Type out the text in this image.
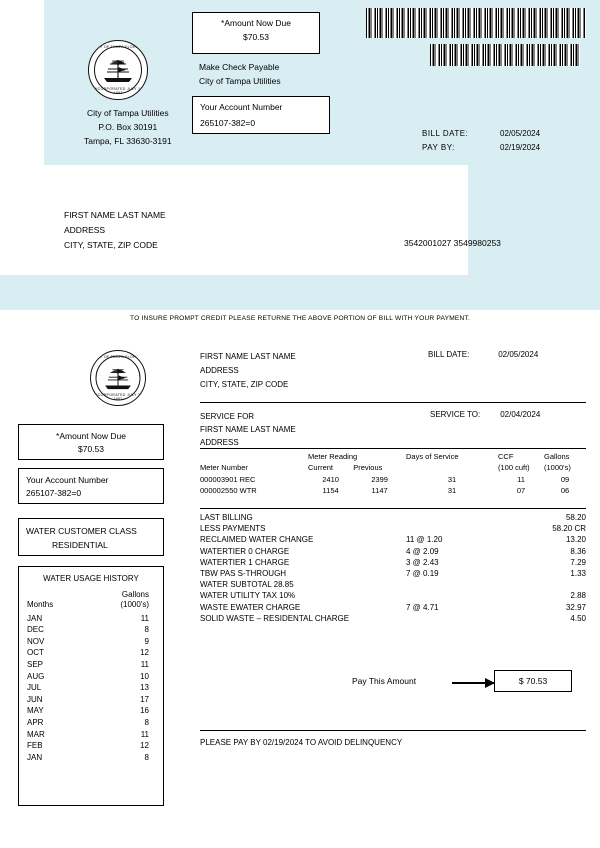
CITY OF TAMPA FLORIDA
INCORPORATED JULY 15 1887
*Amount Now Due
$70.53
Make Check Payable
City of Tampa Utilities
Your Account Number
265107-382=0
City of Tampa Utilities
P.O. Box 30191
Tampa, FL 33630-3191
BILL DATE:	02/05/2024
PAY BY:	02/19/2024
FIRST NAME LAST NAME
ADDRESS
CITY, STATE, ZIP CODE	3542001027 3549980253
TO INSURE PROMPT CREDIT PLEASE RETURNE THE ABOVE PORTION OF BILL WITH YOUR PAYMENT.
CITY OF TAMPA FLORIDA
INCORPORATED JULY 15 1887
FIRST NAME LAST NAME
ADDRESS
CITY, STATE, ZIP CODE
BILL DATE:	02/05/2024
SERVICE FOR
FIRST NAME LAST NAME
ADDRESS
SERVICE TO: 02/04/2024
	Meter Reading		Days of Service	CCF	Gallons
Meter Number	Current	Previous		(100 cuft)	(1000's)
000003901 REC	2410	2399	31	11	09
000002550 WTR	1154	1147	31	07	06
LAST BILLING		58.20
LESS PAYMENTS		58.20 CR
RECLAIMED WATER CHANGE	11 @ 1.20	13.20
WATERTIER 0 CHARGE	4 @ 2.09	8.36
WATERTIER 1 CHARGE	3 @ 2.43	7.29
TBW PAS S-THROUGH	7 @ 0.19	1.33
WATER SUBTOTAL 28.85		
WATER UTILITY TAX 10%		2.88
WASTE EWATER CHARGE	7 @ 4.71	32.97
SOLID WASTE – RESIDENTAL CHARGE		4.50
Pay This Amount	$ 70.53
PLEASE PAY BY 02/19/2024 TO AVOID DELINQUENCY
*Amount Now Due
$70.53
Your Account Number
265107-382=0
WATER CUSTOMER CLASS
RESIDENTIAL
WATER USAGE HISTORY
Gallons
Months	(1000's)
JAN	11
DEC	8
NOV	9
OCT	12
SEP	11
AUG	10
JUL	13
JUN	17
MAY	16
APR	8
MAR	11
FEB	12
JAN	8
